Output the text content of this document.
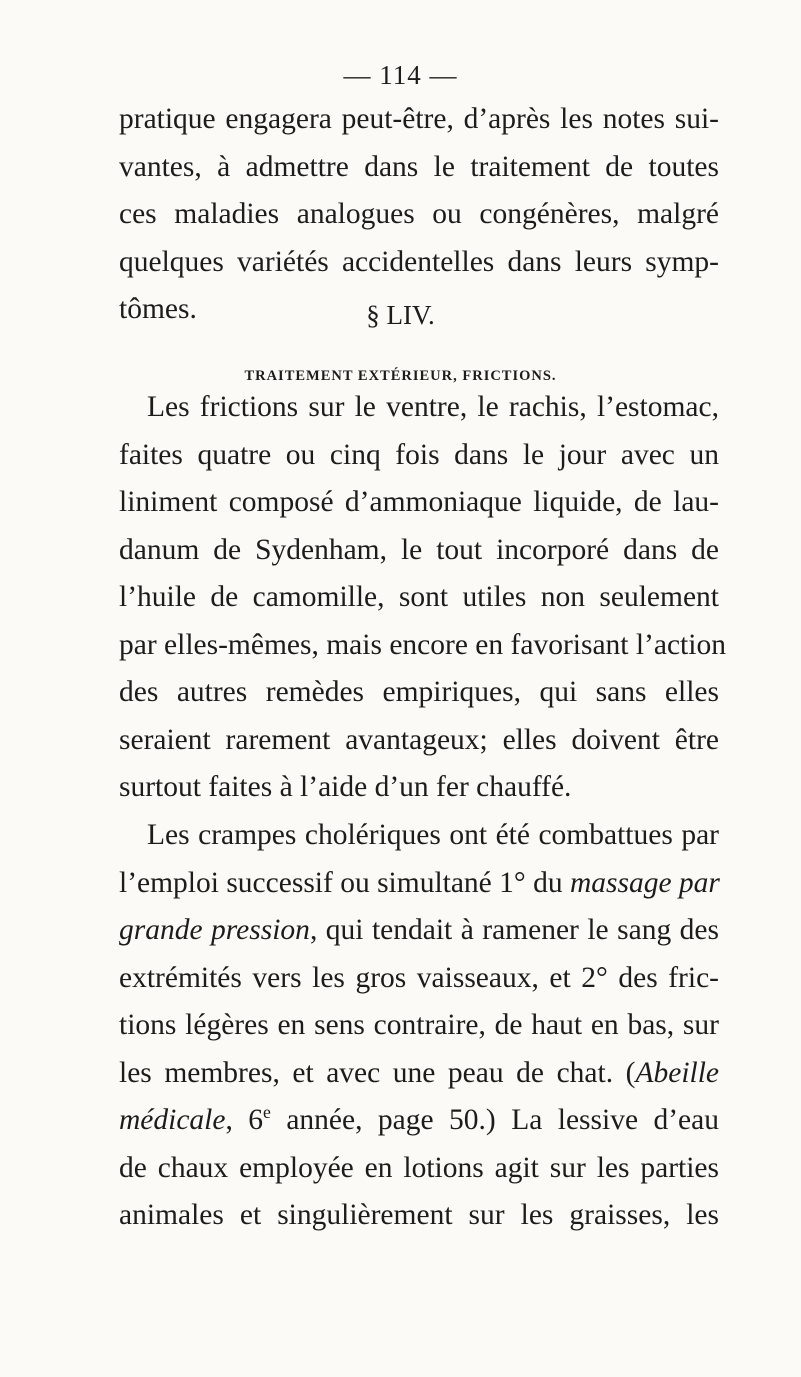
— 114 —
pratique engagera peut-être, d’après les notes sui-
vantes, à admettre dans le traitement de toutes
ces maladies analogues ou congénères, malgré
quelques variétés accidentelles dans leurs symp-
tômes.	§ LIV.
TRAITEMENT EXTÉRIEUR, FRICTIONS.
Les frictions sur le ventre, le rachis, l’estomac,
faites quatre ou cinq fois dans le jour avec un
liniment composé d’ammoniaque liquide, de lau-
danum de Sydenham, le tout incorporé dans de
l’huile de camomille, sont utiles non seulement
par elles-mêmes, mais encore en favorisant l’action
des autres remèdes empiriques, qui sans elles
seraient rarement avantageux; elles doivent être
surtout faites à l’aide d’un fer chauffé.
Les crampes cholériques ont été combattues par
l’emploi successif ou simultané 1° du massage par
grande pression, qui tendait à ramener le sang des
extrémités vers les gros vaisseaux, et 2° des fric-
tions légères en sens contraire, de haut en bas, sur
les membres, et avec une peau de chat. (Abeille
médicale, 6e année, page 50.) La lessive d’eau
de chaux employée en lotions agit sur les parties
animales et singulièrement sur les graisses, les
